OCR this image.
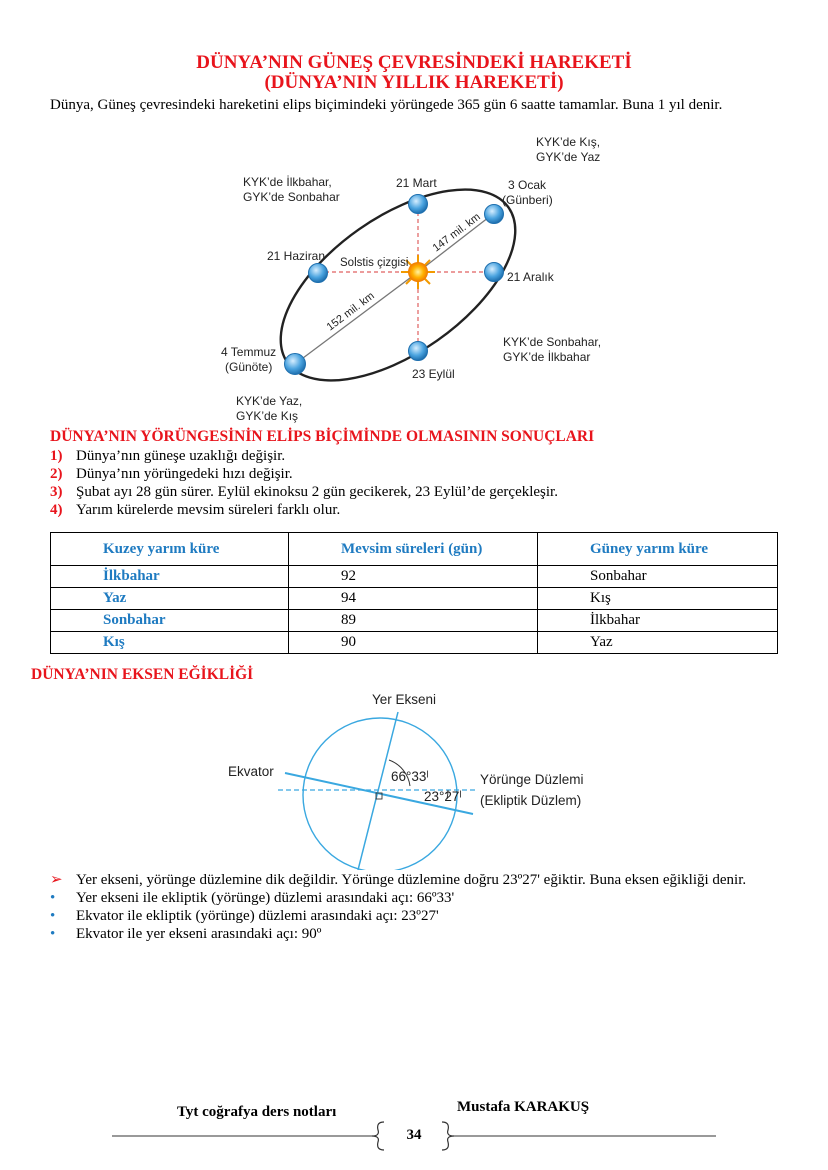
DÜNYA’NIN GÜNEŞ ÇEVRESİNDEKİ HAREKETİ
(DÜNYA’NIN YILLIK HAREKETİ)
Dünya, Güneş çevresindeki hareketini elips biçimindeki yörüngede 365 gün 6 saatte tamamlar. Buna 1 yıl denir.
KYK’de Kış,
GYK’de Yaz
KYK’de İlkbahar,
GYK’de Sonbahar
21 Mart	3 Ocak
(Günberi)
21 Haziran Solstis çizgisi
147 mil. km
152 mil. km
21 Aralık
4 Temmuz
(Günöte)	23 Eylül
KYK’de Sonbahar,
GYK’de İlkbahar
KYK’de Yaz,
GYK’de Kış
DÜNYA’NIN YÖRÜNGESİNİN ELİPS BİÇİMİNDE OLMASININ SONUÇLARI
1) Dünya’nın güneşe uzaklığı değişir.
2) Dünya’nın yörüngedeki hızı değişir.
3) Şubat ayı 28 gün sürer. Eylül ekinoksu 2 gün gecikerek, 23 Eylül’de gerçekleşir.
4) Yarım kürelerde mevsim süreleri farklı olur.
Kuzey yarım küre	Mevsim süreleri (gün)	Güney yarım küre
İlkbahar	92	Sonbahar
Yaz	94	Kış
Sonbahar	89	İlkbahar
Kış	90	Yaz
DÜNYA’NIN EKSEN EĞİKLİĞİ
Yer Ekseni
Ekvator	66°33ˡ
23°27ˡ
Yörünge Düzlemi
(Ekliptik Düzlem)
➢ Yer ekseni, yörünge düzlemine dik değildir. Yörünge düzlemine doğru 23º27' eğiktir. Buna eksen eğikliği denir.
•	Yer ekseni ile ekliptik (yörünge) düzlemi arasındaki açı: 66º33'
•	Ekvator ile ekliptik (yörünge) düzlemi arasındaki açı: 23º27'
•	Ekvator ile yer ekseni arasındaki açı: 90º
Tyt coğrafya ders notları	Mustafa KARAKUŞ
34
